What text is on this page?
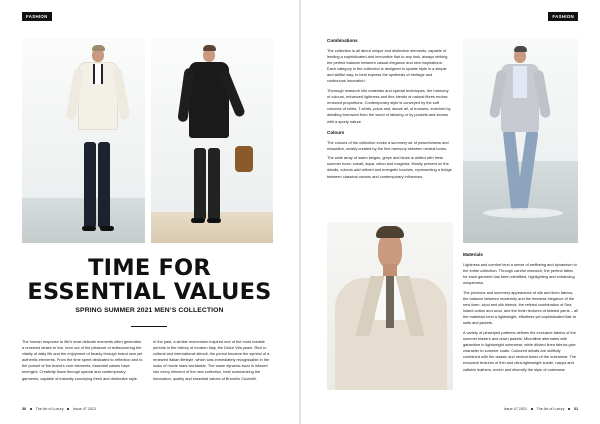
FASHION
TIME FOR
ESSENTIAL VALUES
SPRING SUMMER 2021 MEN’S COLLECTION

The human response to life’s most delicate moments often generates a renewed desire to live, born out of the pleasure of rediscovering the vitality of daily life and the enjoyment of beauty through brand new yet authentic elements. From the time spent dedicated to reflection and to the pursuit of the brand’s core elements, essential values have emerged. Creativity flows through special and contemporary garments, capable of instantly conveying fresh and distinctive style.

In the past, a similar momentum inspired one of the most notable periods in the history of modern Italy, the Dolce Vita years. Rich in cultural and international stimuli, the period became the symbol of a renewed Italian lifestyle, which was immediately recognisable in the looks of movie stars worldwide. The same dynamic buzz is infused into every element of the new collection, best summarizing the innovation, quality and essential values of Brunello Cucinelli.

30	The Art of Luxury	Issue 47 2021
FASHION
Combinations

The collection is all about unique and distinctive elements, capable of lending a sophisticated and innovative flair to any look, always striking the perfect balance between casual elegance and new inspirations. Each category in the collection is designed to update style in a simple and skillful way, to best express the synthesis of heritage and continuous innovation.

Thorough research into materials and special techniques, the harmony of colours, enhanced lightness and fine blends of natural fibres endow renewed proportions. Contemporary style is conveyed by the soft volumes of shirts, T-shirts, polos and, above all, of trousers, enriched by detailing borrowed from the world of tailoring or by pockets and seams with a sporty nature.

Colours

The colours of the collection evoke a summery air of peacefulness and relaxation, mostly created by the fine harmony between neutral tones.

The wide array of warm beiges, greys and blues is dotted with fresh summer hues: cobalt, aqua, citron and magenta. Mostly present on the details, colours add refined and energetic touches, representing a bridge between classical canons and contemporary influences.

Materials

Lightness and comfort lend a sense of wellbeing and dynamism to the entire collection. Through careful research, the perfect fabric for each garment has been identified, highlighting and enhancing uniqueness.

The precious and summery appearance of silk and linen fabrics, the balance between modernity and the timeless elegance of the new linen, wool and silk blends, the refined combination of Sea Island cotton and wool, and the fresh textures of twisted yarns – all the materials lend a lightweight, effortless yet sophisticated flair to suits and jackets.

A variety of pinstriped patterns defines the exclusive fabrics of the summer blazers and down jackets. Microfibre alternates with gabardine in lightweight outerwear, while diluted linen fabrics give character to summer coats. Coloured details are skillfully combined with the classic and neutral tones of the outerwear. The exclusive textures of thin and ultra-lightweight suede, nappa and calfskin leathers, enrich and diversify the style of outerwear.

Issue 47 2021	The Art of Luxury	31
